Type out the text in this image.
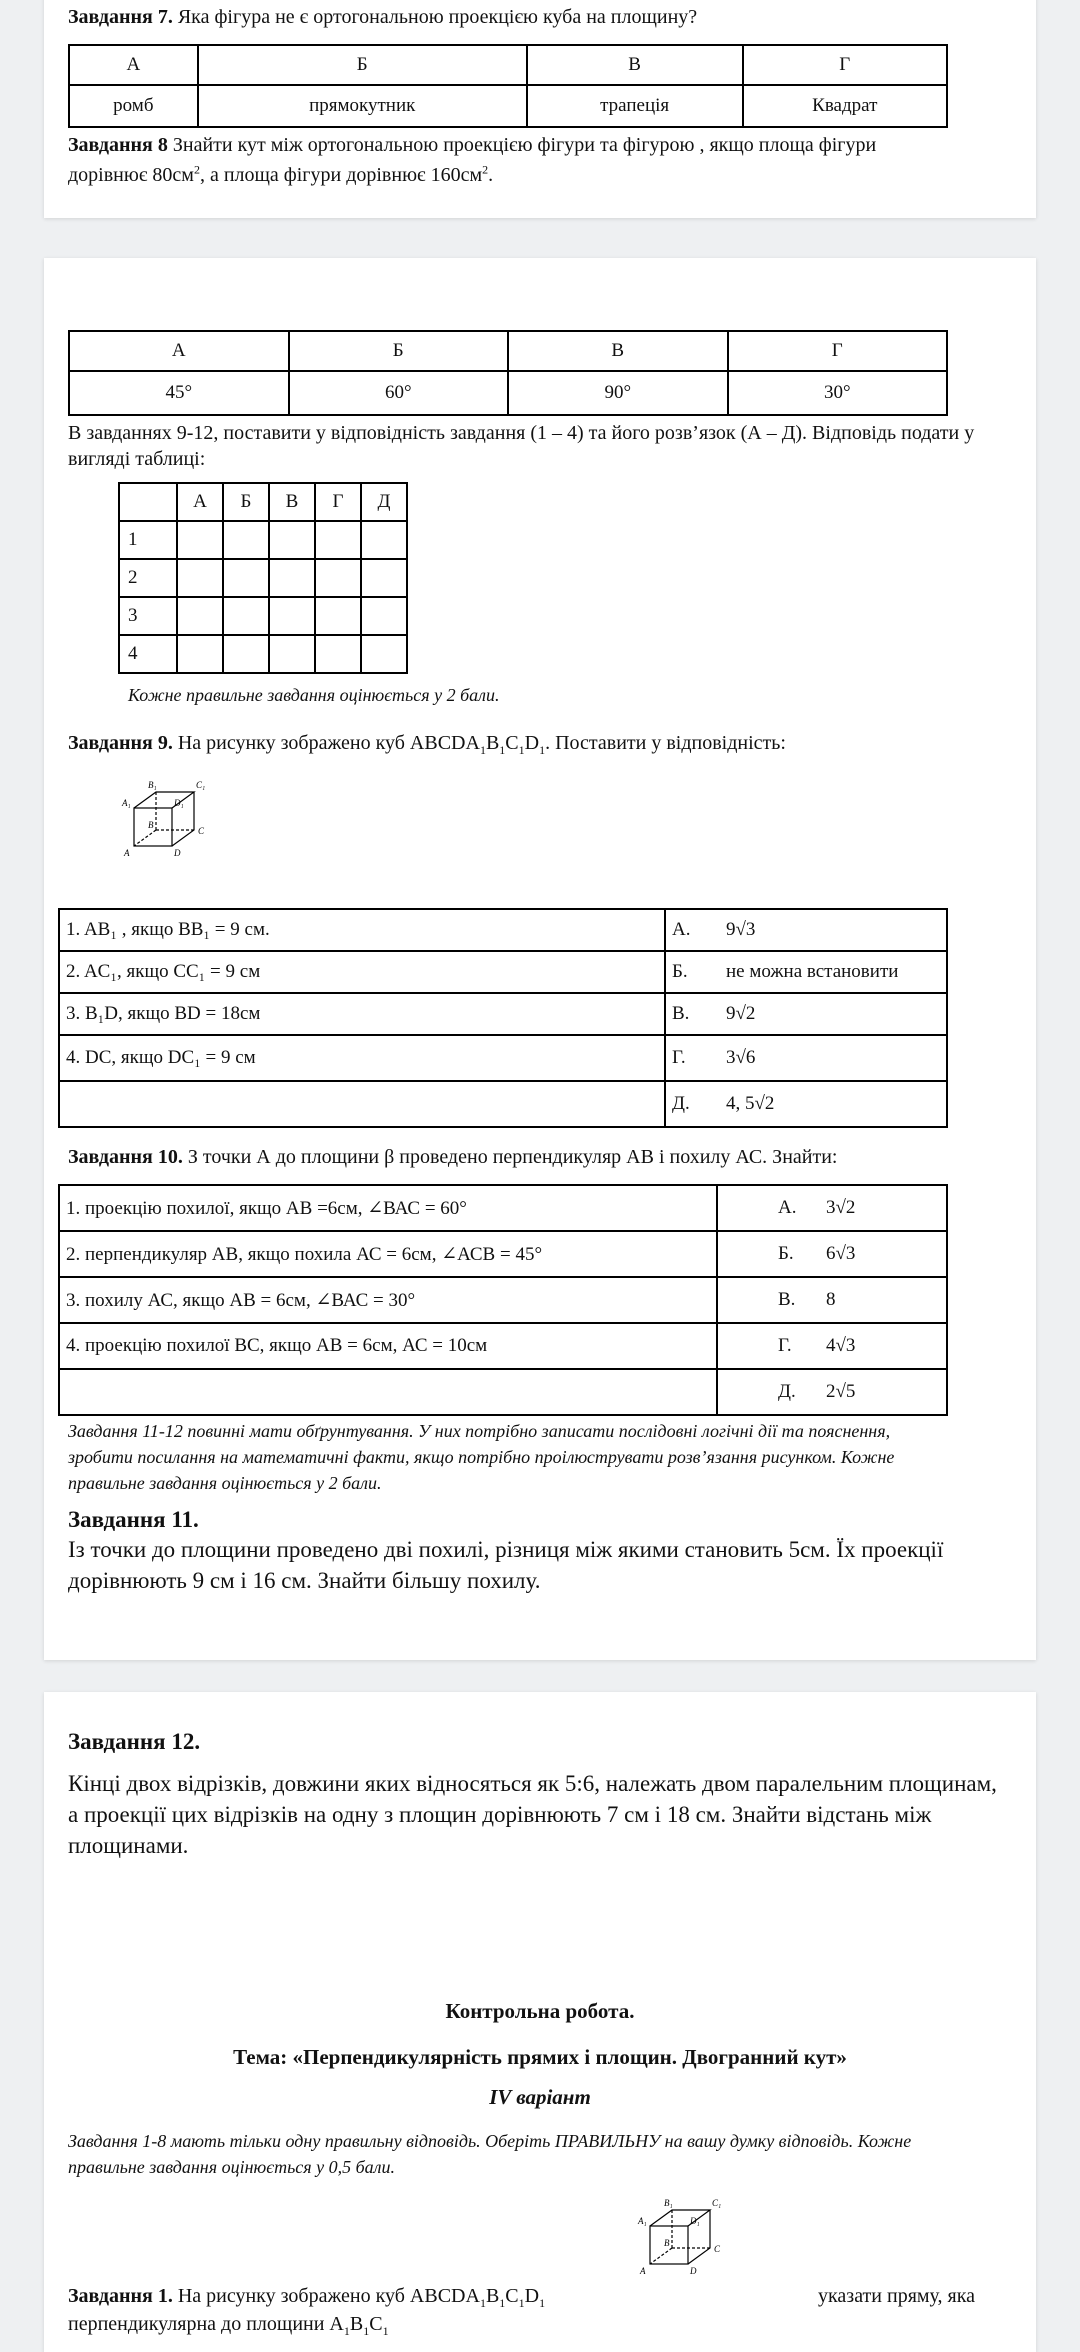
Завдання 7. Яка фігура не є ортогональною проекцією куба на площину?
А	Б	В	Г
ромб	прямокутник	трапеція	Квадрат
Завдання 8 Знайти кут між ортогональною проекцією фігури та фігурою , якщо площа фігури
дорівнює $80см^2$, а площа фігури дорівнює $160см^2$.
А	Б	В	Г
45°	60°	90°	30°
В завданнях 9-12, поставити у відповідність завдання (1 – 4) та його розв’язок (А – Д). Відповідь подати у
вигляді таблиці:
	А	Б	В	Г	Д
1					
2					
3					
4					
Кожне правильне завдання оцінюється у 2 бали.
Завдання 9. На рисунку зображено куб $ABCDA_1B_1C_1D_1$. Поставити у відповідність:
B₁	C₁
A₁	D₁
B
C
A	D
1. AB₁ , якщо BB₁ = 9 см.	А. 9√3
2. AC₁, якщо CC₁ = 9 см	Б. не можна встановити
3. B₁D, якщо BD = 18см	В. 9√2
4. DC, якщо DC₁ = 9 см	Г. 3√6
	Д. 4, 5√2
Завдання 10. З точки А до площини β проведено перпендикуляр АВ і похилу АС. Знайти:
1. проекцію похилої, якщо АВ =6см, ∠ВАС = 60°	А. 3√2
2. перпендикуляр АВ, якщо похила АС = 6см, ∠АСВ = 45°	Б. 6√3
3. похилу АС, якщо АВ = 6см, ∠ВАС = 30°	В. 8
4. проекцію похилої ВС, якщо АВ = 6см, АС = 10см	Г. 4√3
	Д. 2√5
Завдання 11-12 повинні мати обґрунтування. У них потрібно записати послідовні логічні дії та пояснення,
зробити посилання на математичні факти, якщо потрібно проілюструвати розв’язання рисунком. Кожне
правильне завдання оцінюється у 2 бали.
Завдання 11.
Із точки до площини проведено дві похилі, різниця між якими становить 5см. Їх проекції
дорівнюють 9 см і 16 см. Знайти більшу похилу.
Завдання 12.
Кінці двох відрізків, довжини яких відносяться як 5:6, належать двом паралельним площинам,
а проекції цих відрізків на одну з площин дорівнюють 7 см і 18 см. Знайти відстань між
площинами.
Контрольна робота.
Тема: «Перпендикулярність прямих і площин. Двогранний кут»
IV варіант
Завдання 1-8 мають тільки одну правильну відповідь. Оберіть ПРАВИЛЬНУ на вашу думку відповідь. Кожне
правильне завдання оцінюється у 0,5 бали.
B₁	C₁
A₁	D₁
B
C
A	D
Завдання 1. На рисунку зображено куб $ABCDA_1B_1C_1D_1$	указати пряму, яка

перпендикулярна до площини $A_1B_1C_1$
